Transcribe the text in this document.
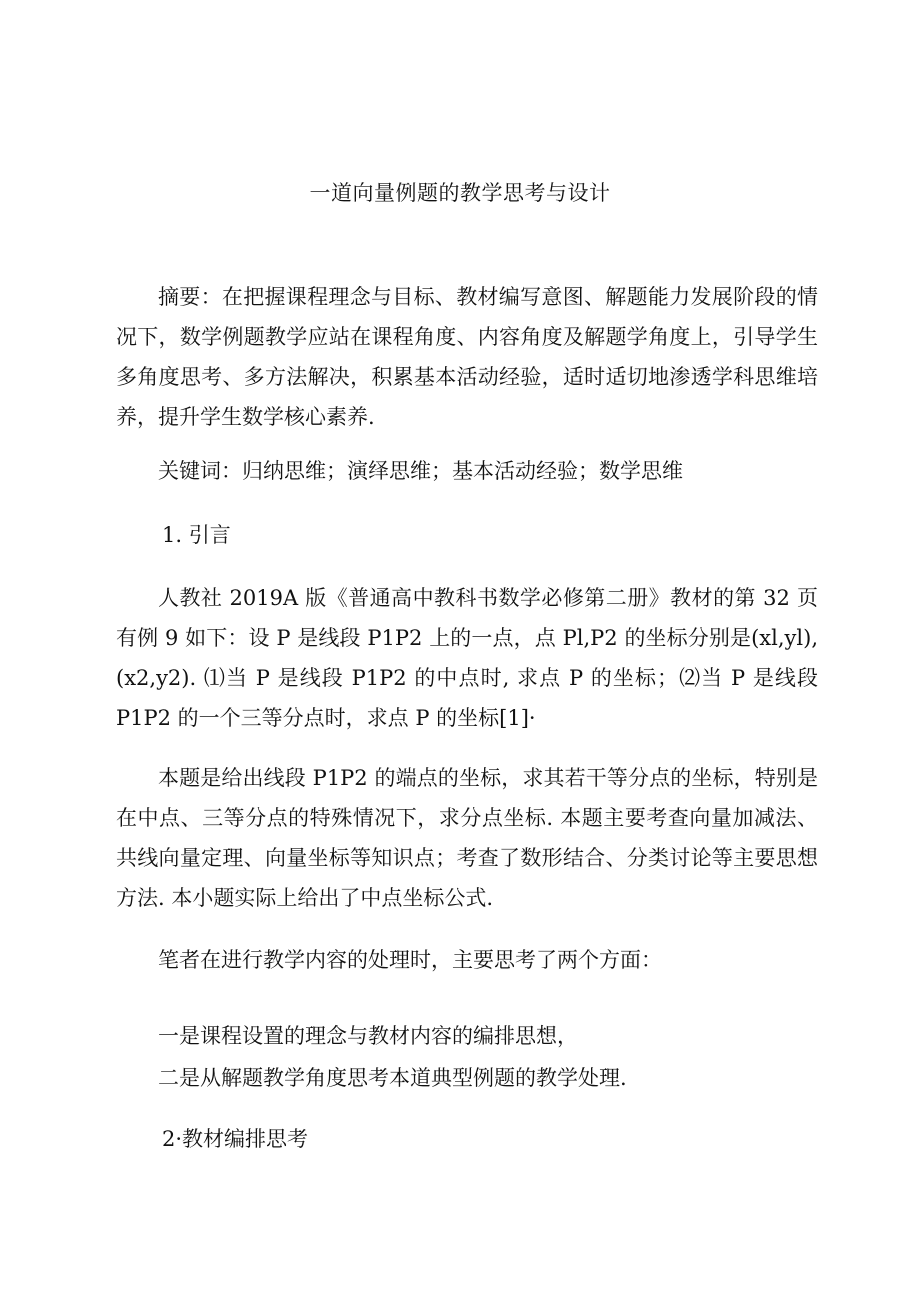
一道向量例题的教学思考与设计

摘要：在把握课程理念与目标、教材编写意图、解题能力发展阶段的情况下，数学例题教学应站在课程角度、内容角度及解题学角度上，引导学生多角度思考、多方法解决，积累基本活动经验，适时适切地渗透学科思维培养，提升学生数学核心素养.

关键词：归纳思维；演绎思维；基本活动经验；数学思维

1. 引言

人教社 2019A 版《普通高中教科书数学必修第二册》教材的第 32 页有例 9 如下：设 P 是线段 P1P2 上的一点，点 Pl,P2 的坐标分别是(xl,yl),(x2,y2). ⑴当 P 是线段 P1P2 的中点时, 求点 P 的坐标；⑵当 P 是线段 P1P2 的一个三等分点时，求点 P 的坐标[1]·

本题是给出线段 P1P2 的端点的坐标，求其若干等分点的坐标，特别是在中点、三等分点的特殊情况下，求分点坐标. 本题主要考查向量加减法、共线向量定理、向量坐标等知识点；考查了数形结合、分类讨论等主要思想方法. 本小题实际上给出了中点坐标公式.

笔者在进行教学内容的处理时，主要思考了两个方面：

一是课程设置的理念与教材内容的编排思想，

二是从解题教学角度思考本道典型例题的教学处理.

2·教材编排思考
